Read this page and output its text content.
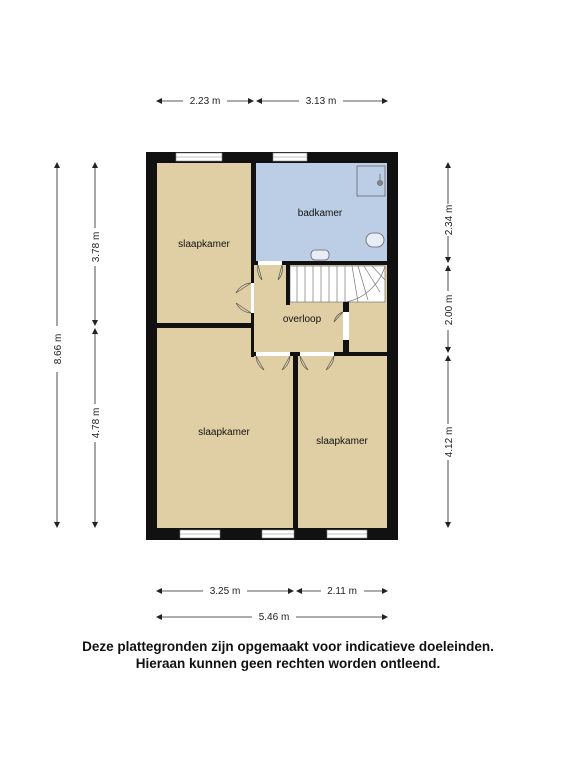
2.23 m	3.13 m
8.66 m
3.78 m
4.78 m
2.34 m
2.00 m
4.12 m
3.25 m	2.11 m
5.46 m
slaapkamer
badkamer
overloop
slaapkamer
slaapkamer
Deze plattegronden zijn opgemaakt voor indicatieve doeleinden.
Hieraan kunnen geen rechten worden ontleend.
